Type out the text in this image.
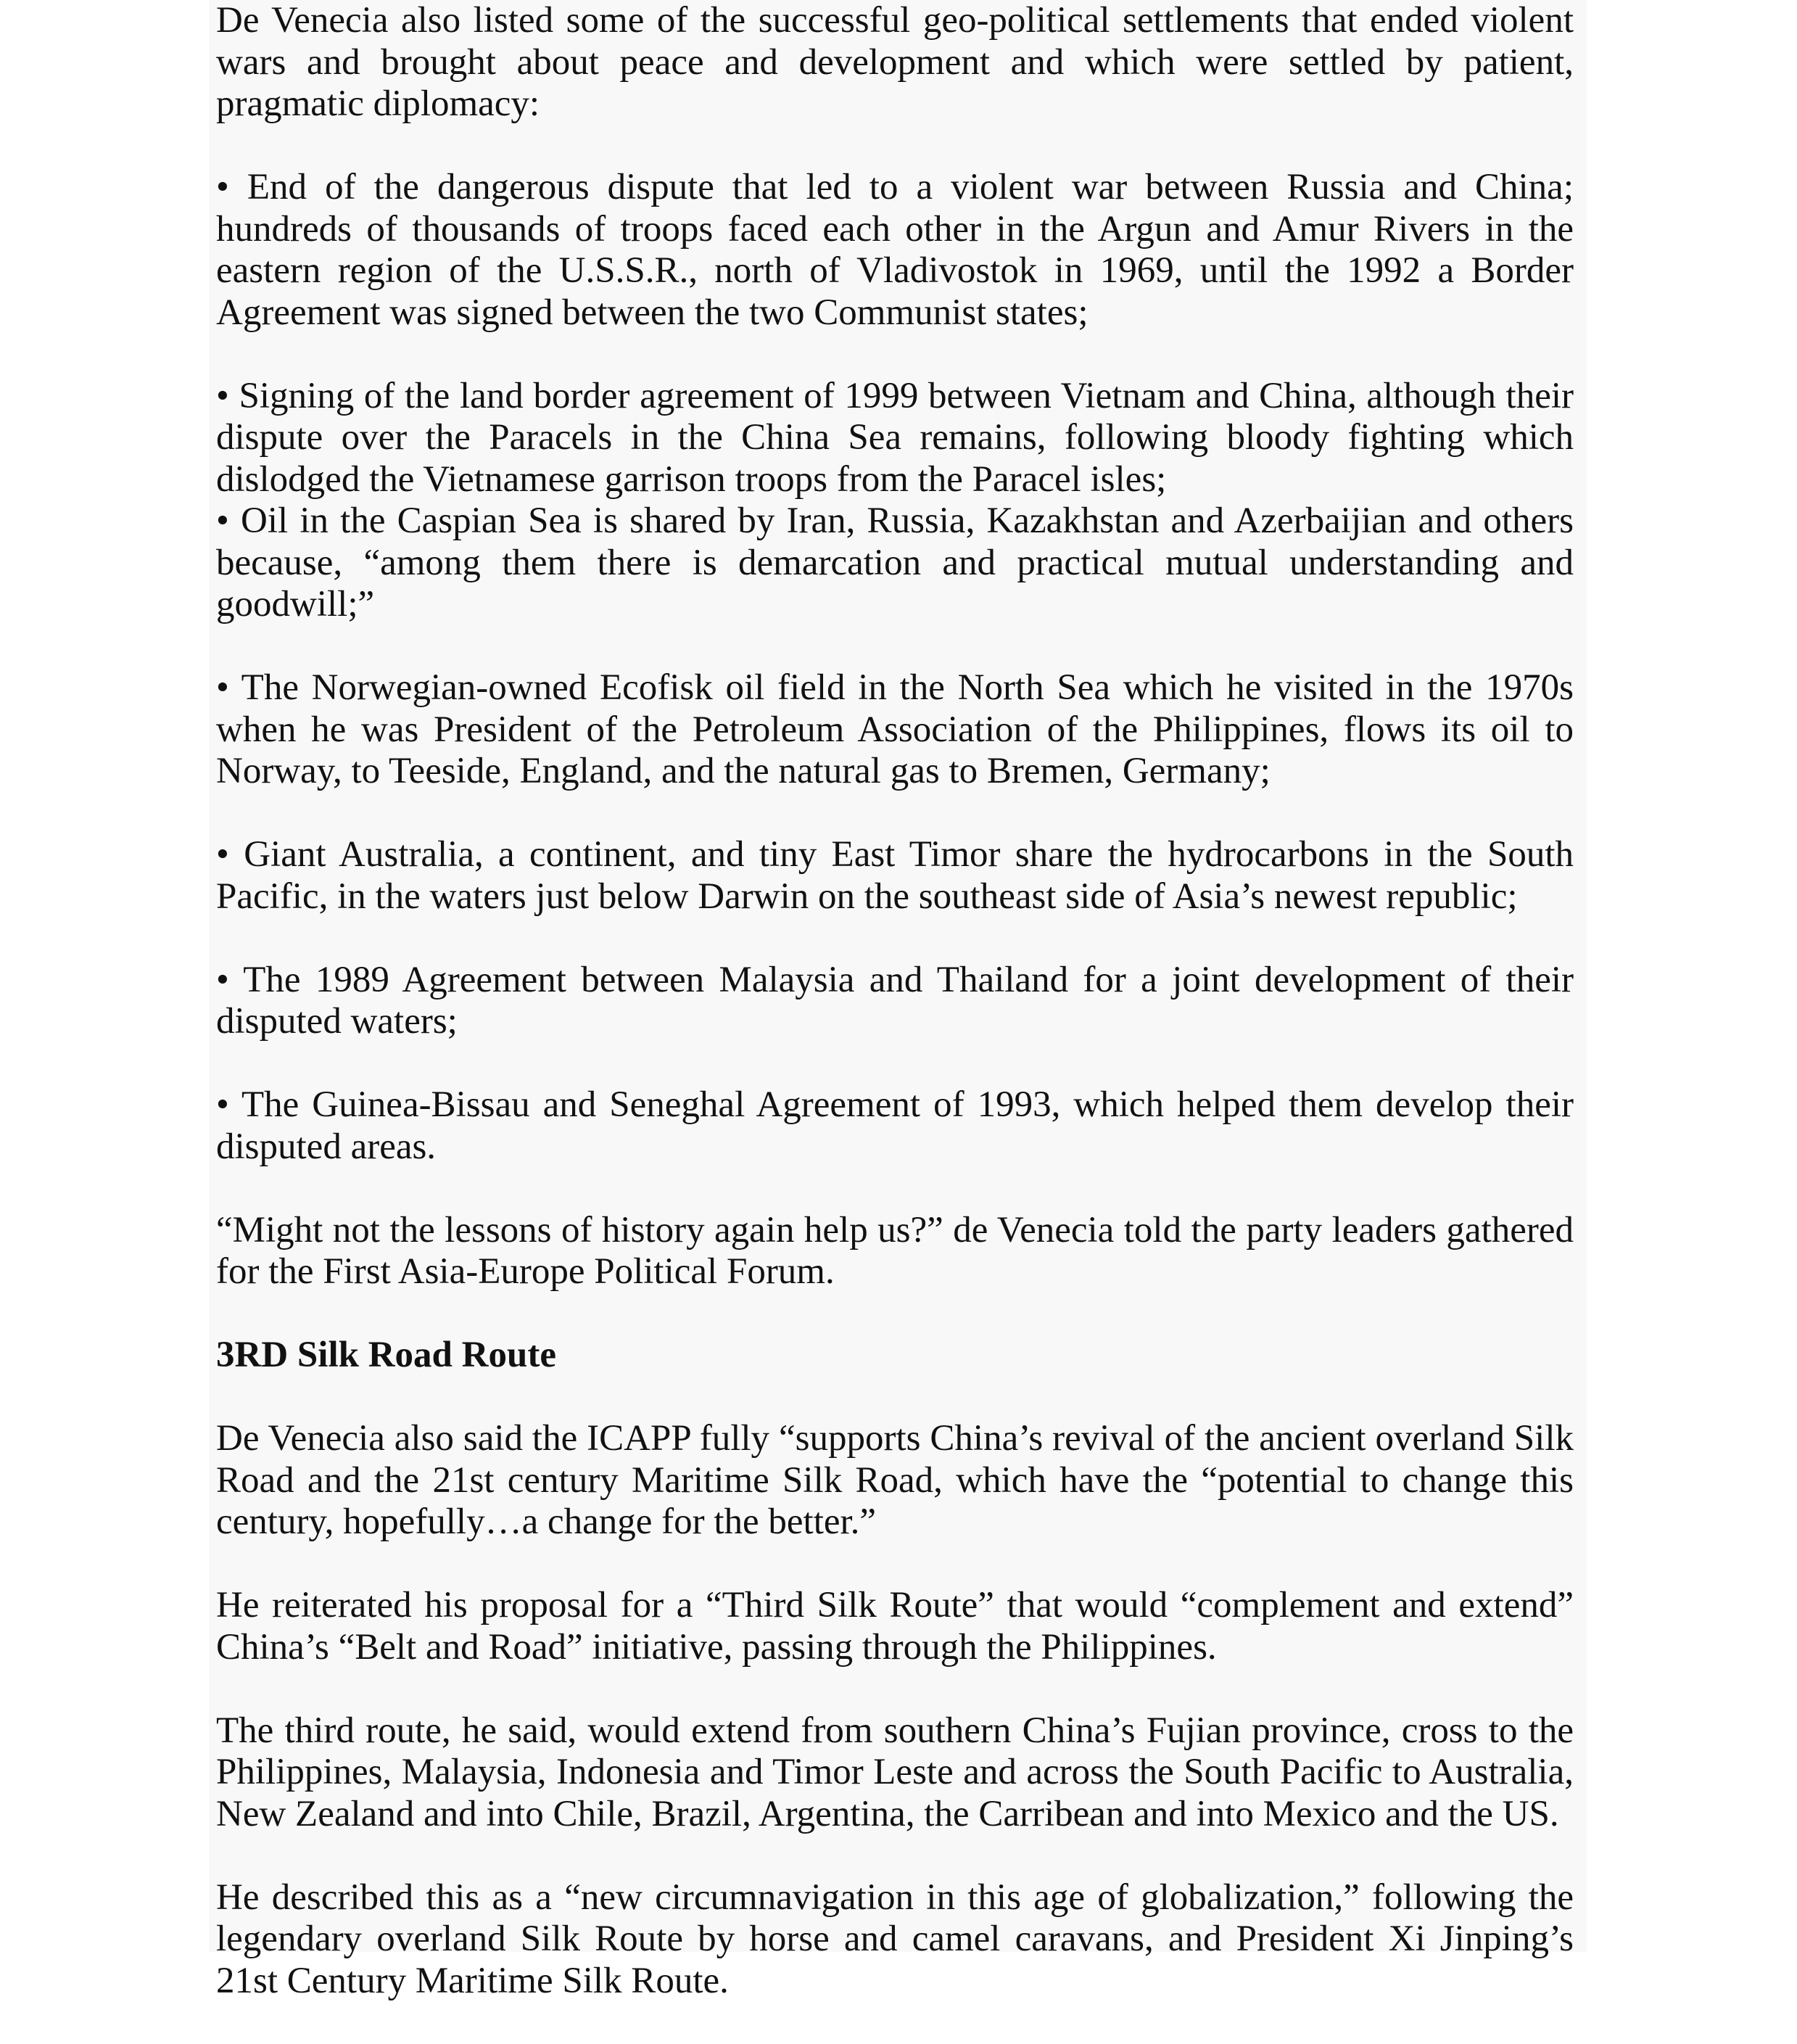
De Venecia also listed some of the successful geo-political settlements that ended violent wars and brought about peace and development and which were settled by patient, pragmatic diplomacy:

• End of the dangerous dispute that led to a violent war between Russia and China; hundreds of thousands of troops faced each other in the Argun and Amur Rivers in the eastern region of the U.S.S.R., north of Vladivostok in 1969, until the 1992 a Border Agreement was signed between the two Communist states;

• Signing of the land border agreement of 1999 between Vietnam and China, although their dispute over the Paracels in the China Sea remains, following bloody fighting which dislodged the Vietnamese garrison troops from the Paracel isles;

• Oil in the Caspian Sea is shared by Iran, Russia, Kazakhstan and Azerbaijian and others because, “among them there is demarcation and practical mutual understanding and goodwill;”

• The Norwegian-owned Ecofisk oil field in the North Sea which he visited in the 1970s when he was President of the Petroleum Association of the Philippines, flows its oil to Norway, to Teeside, England, and the natural gas to Bremen, Germany;

• Giant Australia, a continent, and tiny East Timor share the hydrocarbons in the South Pacific, in the waters just below Darwin on the southeast side of Asia’s newest republic;

• The 1989 Agreement between Malaysia and Thailand for a joint development of their disputed waters;

• The Guinea-Bissau and Seneghal Agreement of 1993, which helped them develop their disputed areas.

“Might not the lessons of history again help us?” de Venecia told the party leaders gathered for the First Asia-Europe Political Forum.

3RD Silk Road Route

De Venecia also said the ICAPP fully “supports China’s revival of the ancient overland Silk Road and the 21st century Maritime Silk Road, which have the “potential to change this century, hopefully…a change for the better.”

He reiterated his proposal for a “Third Silk Route” that would “complement and extend” China’s “Belt and Road” initiative, passing through the Philippines.

The third route, he said, would extend from southern China’s Fujian province, cross to the Philippines, Malaysia, Indonesia and Timor Leste and across the South Pacific to Australia, New Zealand and into Chile, Brazil, Argentina, the Carribean and into Mexico and the US.

He described this as a “new circumnavigation in this age of globalization,” following the legendary overland Silk Route by horse and camel caravans, and President Xi Jinping’s 21st Century Maritime Silk Route.
